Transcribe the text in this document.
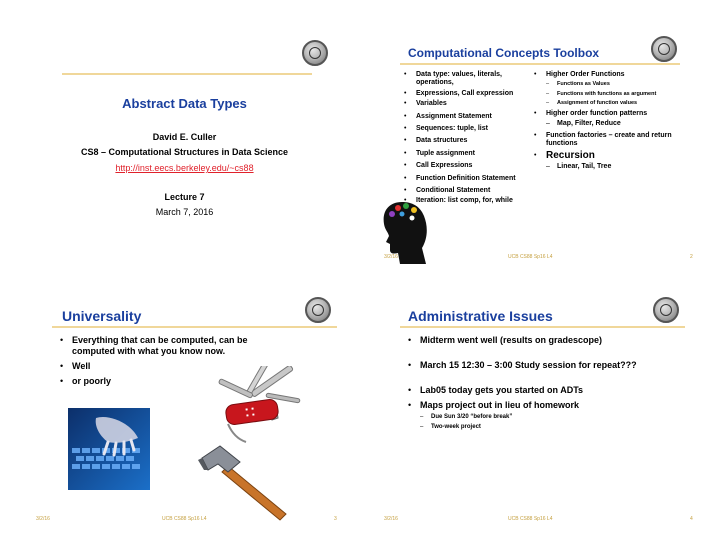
Abstract Data Types
David E. Culler
CS8 – Computational Structures in Data Science
http://inst.eecs.berkeley.edu/~cs88
Lecture 7
March 7, 2016
Computational Concepts Toolbox
• Data type: values, literals, operations,
• Expressions, Call expression
• Variables
• Assignment Statement
• Sequences: tuple, list
• Data structures
• Tuple assignment
• Call Expressions
• Function Definition Statement
• Conditional Statement
• Iteration: list comp, for, while
• Higher Order Functions
– Functions as Values
– Functions with functions as argument
– Assignment of function values
• Higher order function patterns
– Map, Filter, Reduce
• Function factories – create and return functions
• Recursion
– Linear, Tail, Tree
3/2/16	UCB CS88 Sp16 L4	2
Universality
• Everything that can be computed, can be computed with what you know now.
• Well
• or poorly
3/2/16	UCB CS88 Sp16 L4	3
Administrative Issues
• Midterm went well (results on gradescope)
• March 15 12:30 – 3:00 Study session for repeat???
• Lab05 today gets you started on ADTs
• Maps project out in lieu of homework
– Due Sun 3/20 “before break”
– Two-week project
3/2/16	UCB CS88 Sp16 L4	4
